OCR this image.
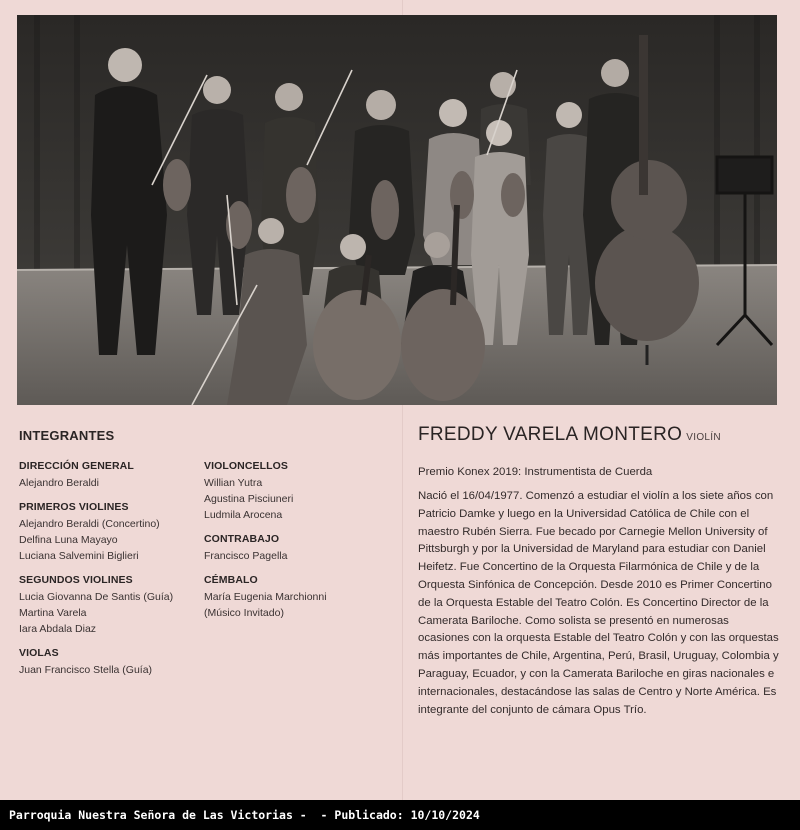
INTEGRANTES
DIRECCIÓN GENERAL
Alejandro Beraldi
PRIMEROS VIOLINES
Alejandro Beraldi (Concertino)
Delfina Luna Mayayo
Luciana Salvemini Biglieri
SEGUNDOS VIOLINES
Lucia Giovanna De Santis (Guía)
Martina Varela
Iara Abdala Diaz
VIOLAS
Juan Francisco Stella (Guía)
VIOLONCELLOS
Willian Yutra
Agustina Pisciuneri
Ludmila Arocena
CONTRABAJO
Francisco Pagella
CÉMBALO
María Eugenia Marchionni
(Músico Invitado)
FREDDY VARELA MONTERO VIOLÍN
Premio Konex 2019: Instrumentista de Cuerda
Nació el 16/04/1977. Comenzó a estudiar el violín a los siete años con Patricio Damke y luego en la Universidad Católica de Chile con el maestro Rubén Sierra. Fue becado por Carnegie Mellon University of Pittsburgh y por la Universidad de Maryland para estudiar con Daniel Heifetz. Fue Concertino de la Orquesta Filarmónica de Chile y de la Orquesta Sinfónica de Concepción. Desde 2010 es Primer Concertino de la Orquesta Estable del Teatro Colón. Es Concertino Director de la Camerata Bariloche. Como solista se presentó en numerosas ocasiones con la orquesta Estable del Teatro Colón y con las orquestas más importantes de Chile, Argentina, Perú, Brasil, Uruguay, Colombia y Paraguay, Ecuador, y con la Camerata Bariloche en giras nacionales e internacionales, destacándose las salas de Centro y Norte América. Es integrante del conjunto de cámara Opus Trío.
Parroquia Nuestra Señora de Las Victorias -  - Publicado: 10/10/2024
